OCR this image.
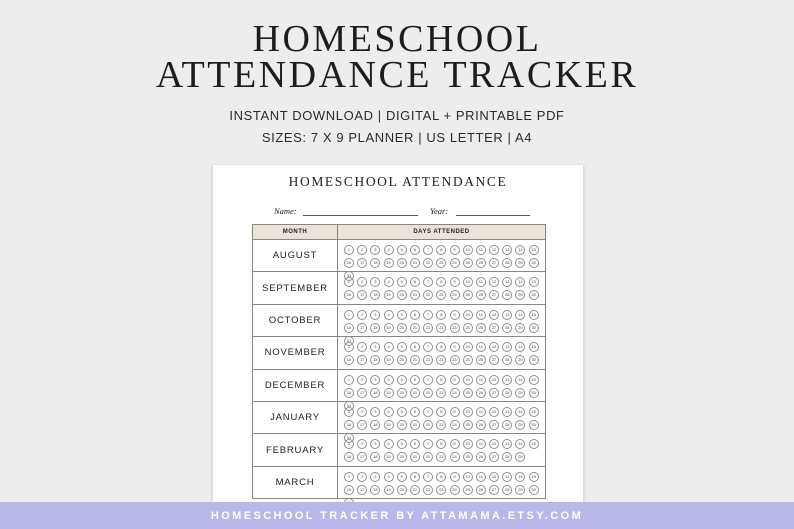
HOMESCHOOL
ATTENDANCE TRACKER
INSTANT DOWNLOAD | DIGITAL + PRINTABLE PDF
SIZES: 7 X 9 PLANNER | US LETTER | A4
HOMESCHOOL ATTENDANCE
Name:	Year:
MONTH	DAYS ATTENDED
AUGUST
1	2	3	4	5	6	7	8	9	10	11	12	13	14	15
16	17	18	19	20	21	22	23	24	25	26	27	28	29	30
31
SEPTEMBER
1	2	3	4	5	6	7	8	9	10	11	12	13	14	15
16	17	18	19	20	21	22	23	24	25	26	27	28	29	30
OCTOBER
1	2	3	4	5	6	7	8	9	10	11	12	13	14	15
16	17	18	19	20	21	22	23	24	25	26	27	28	29	30
31
NOVEMBER
1	2	3	4	5	6	7	8	9	10	11	12	13	14	15
16	17	18	19	20	21	22	23	24	25	26	27	28	29	30
DECEMBER
1	2	3	4	5	6	7	8	9	10	11	12	13	14	15
16	17	18	19	20	21	22	23	24	25	26	27	28	29	30
31
JANUARY
1	2	3	4	5	6	7	8	9	10	11	12	13	14	15
16	17	18	19	20	21	22	23	24	25	26	27	28	29	30
31
FEBRUARY
1	2	3	4	5	6	7	8	9	10	11	12	13	14	15
16	17	18	19	20	21	22	23	24	25	26	27	28	29
MARCH
1	2	3	4	5	6	7	8	9	10	11	12	13	14	15
16	17	18	19	20	21	22	23	24	25	26	27	28	29	30
HOMESCHOOL TRACKER BY ATTAMAMA.ETSY.COM
